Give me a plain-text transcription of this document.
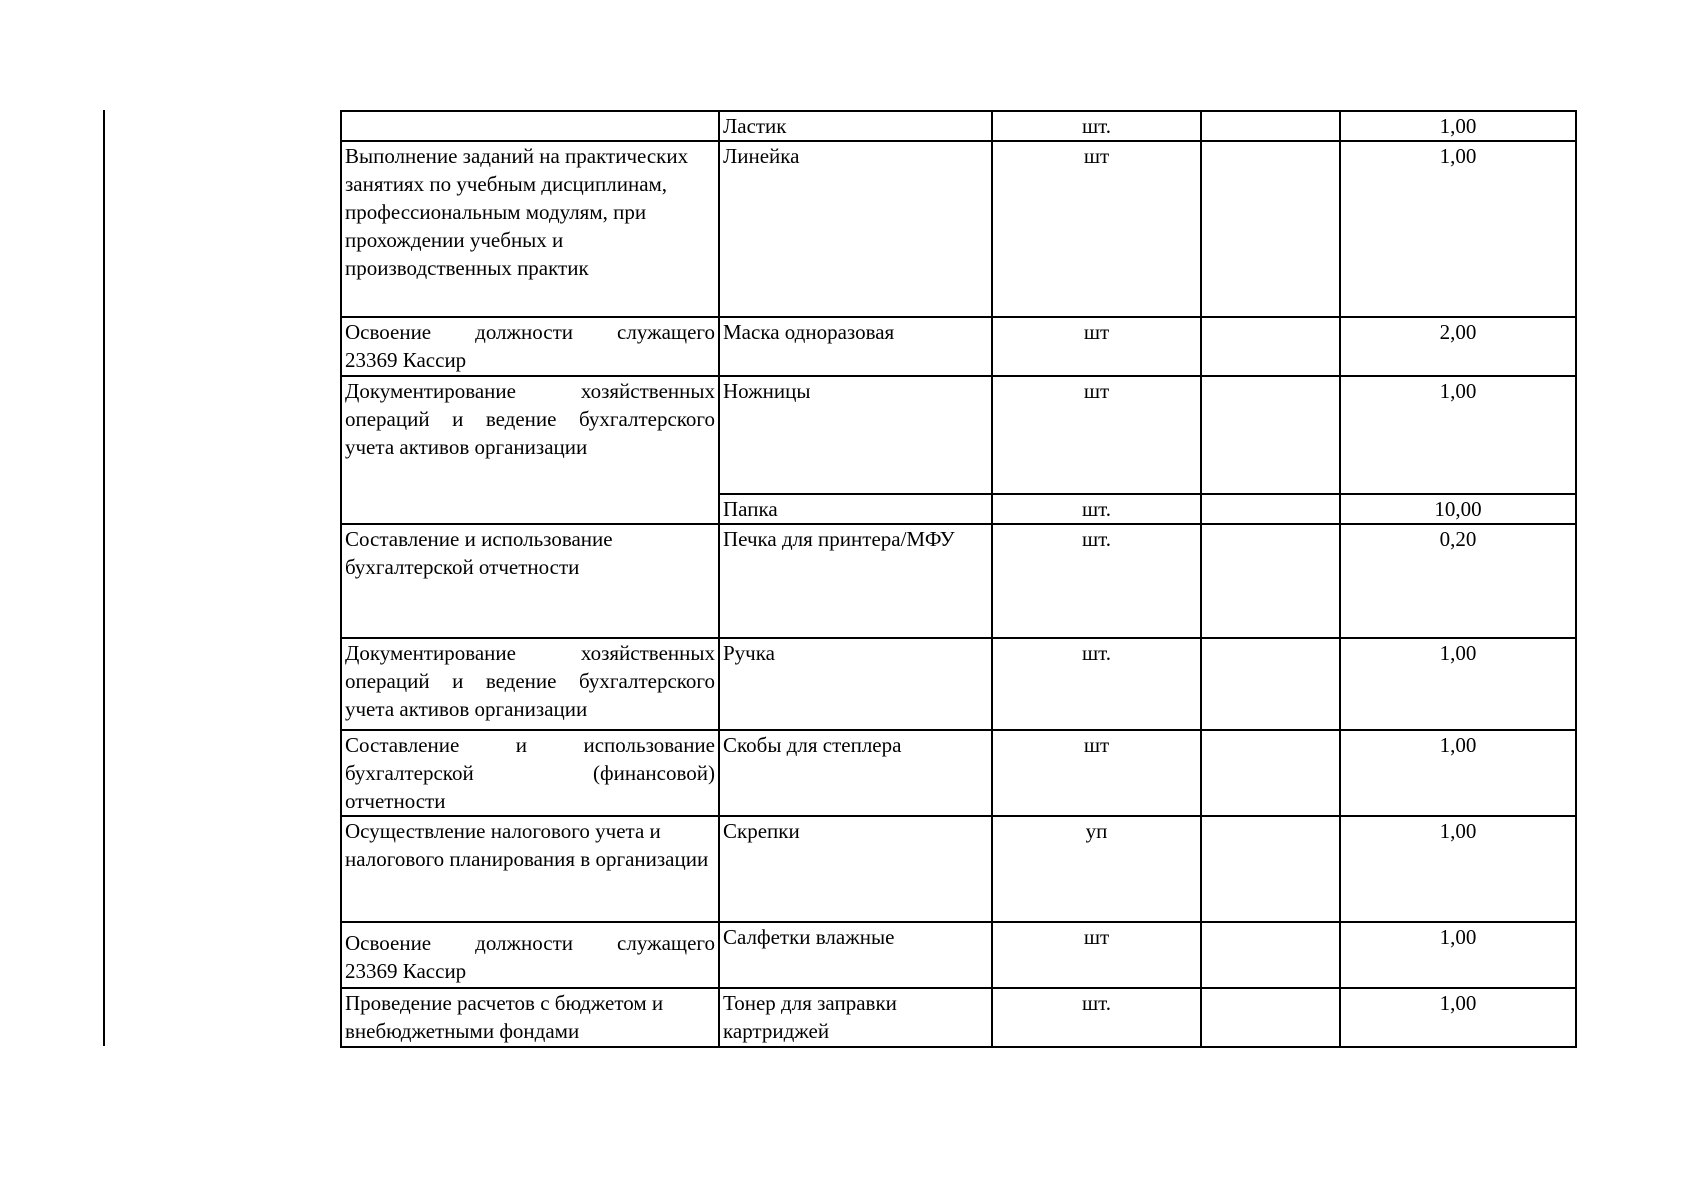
	Ластик	шт.		1,00
Выполнение заданий на практических занятиях по учебным дисциплинам, профессиональным модулям, при прохождении учебных и производственных практик	Линейка	шт		1,00
Освоение должности служащего
23369 Кассир	Маска одноразовая	шт		2,00
Документирование хозяйственных
операций и ведение бухгалтерского
учета активов организации	Ножницы	шт		1,00
	Папка	шт.		10,00
Составление и использование бухгалтерской отчетности	Печка для принтера/МФУ	шт.		0,20
Документирование хозяйственных
операций и ведение бухгалтерского
учета активов организации	Ручка	шт.		1,00
Составление и использование
бухгалтерской (финансовой)
отчетности	Скобы для степлера	шт		1,00
Осуществление налогового учета и налогового планирования в организации	Скрепки	уп		1,00
Освоение должности служащего
23369 Кассир	Салфетки влажные	шт		1,00
Проведение расчетов с бюджетом и внебюджетными фондами	Тонер для заправки картриджей	шт.		1,00
